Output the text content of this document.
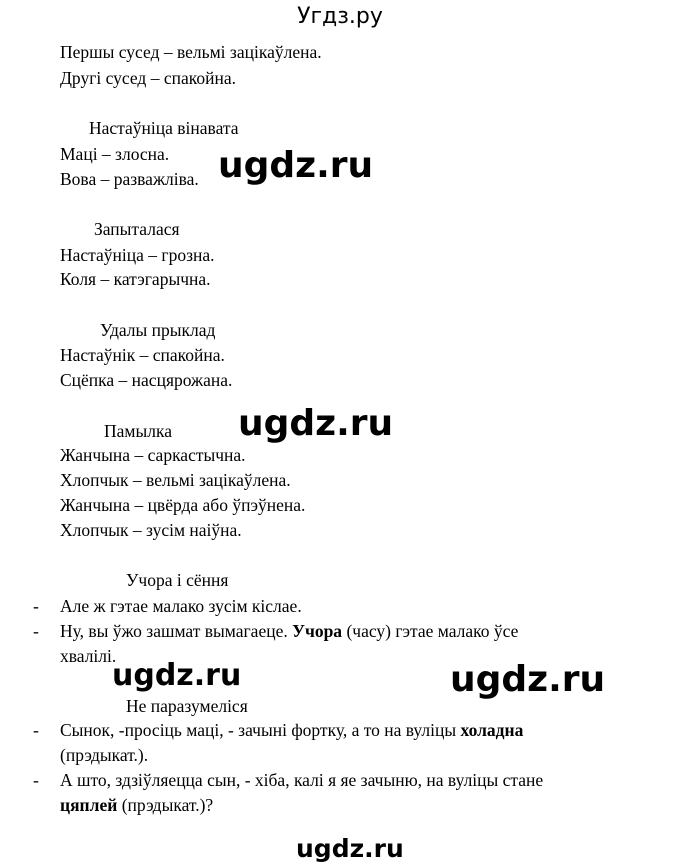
Угдз.ру
Першы сусед – вельмі зацікаўлена.
Другі сусед – спакойна.
Настаўніца вінавата
Маці – злосна.
Вова – разважліва.
Запыталася
Настаўніца – грозна.
Коля – катэгарычна.
Удалы прыклад
Настаўнік – спакойна.
Сцёпка – насцярожана.
Памылка
Жанчына – саркастычна.
Хлопчык – вельмі зацікаўлена.
Жанчына – цвёрда або ўпэўнена.
Хлопчык – зусім наіўна.
Учора і сёння
- Але ж гэтае малако зусім кіслае.
- Ну, вы ўжо зашмат вымагаеце. Учора (часу) гэтае малако ўсе
хвалілі.
Не паразумеліся
- Сынок, -просіць маці, - зачыні фортку, а то на вуліцы холадна
(прэдыкат.).
- А што, здзіўляецца сын, - хіба, калі я яе зачыню, на вуліцы стане
цяплей (прэдыкат.)?
ugdz.ru
ugdz.ru
ugdz.ru	ugdz.ru
ugdz.ru
